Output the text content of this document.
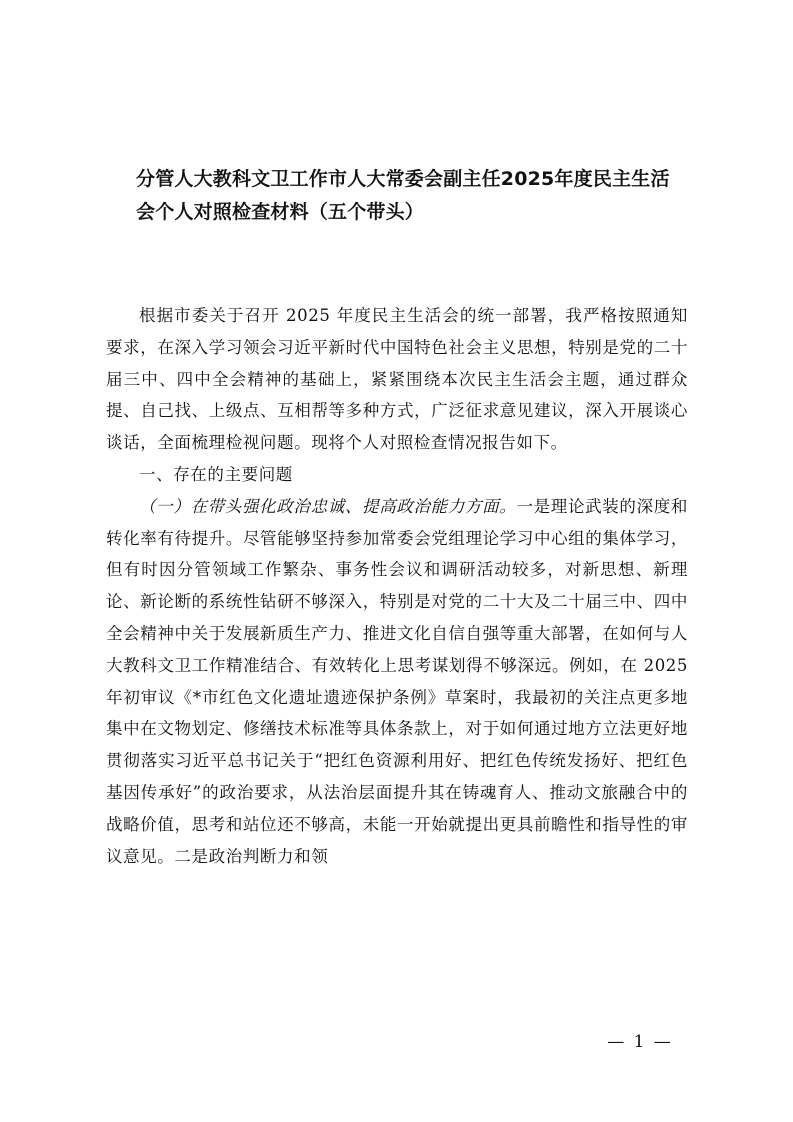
分管人大教科文卫工作市人大常委会副主任2025年度民主生活会个人对照检查材料（五个带头）

根据市委关于召开 2025 年度民主生活会的统一部署，我严格按照通知要求，在深入学习领会习近平新时代中国特色社会主义思想，特别是党的二十届三中、四中全会精神的基础上，紧紧围绕本次民主生活会主题，通过群众提、自己找、上级点、互相帮等多种方式，广泛征求意见建议，深入开展谈心谈话，全面梳理检视问题。现将个人对照检查情况报告如下。

一、存在的主要问题

（一）在带头强化政治忠诚、提高政治能力方面。一是理论武装的深度和转化率有待提升。尽管能够坚持参加常委会党组理论学习中心组的集体学习，但有时因分管领域工作繁杂、事务性会议和调研活动较多，对新思想、新理论、新论断的系统性钻研不够深入，特别是对党的二十大及二十届三中、四中全会精神中关于发展新质生产力、推进文化自信自强等重大部署，在如何与人大教科文卫工作精准结合、有效转化上思考谋划得不够深远。例如，在 2025 年初审议《*市红色文化遗址遗迹保护条例》草案时，我最初的关注点更多地集中在文物划定、修缮技术标准等具体条款上，对于如何通过地方立法更好地贯彻落实习近平总书记关于“把红色资源利用好、把红色传统发扬好、把红色基因传承好”的政治要求，从法治层面提升其在铸魂育人、推动文旅融合中的战略价值，思考和站位还不够高，未能一开始就提出更具前瞻性和指导性的审议意见。二是政治判断力和领

— 1 —
